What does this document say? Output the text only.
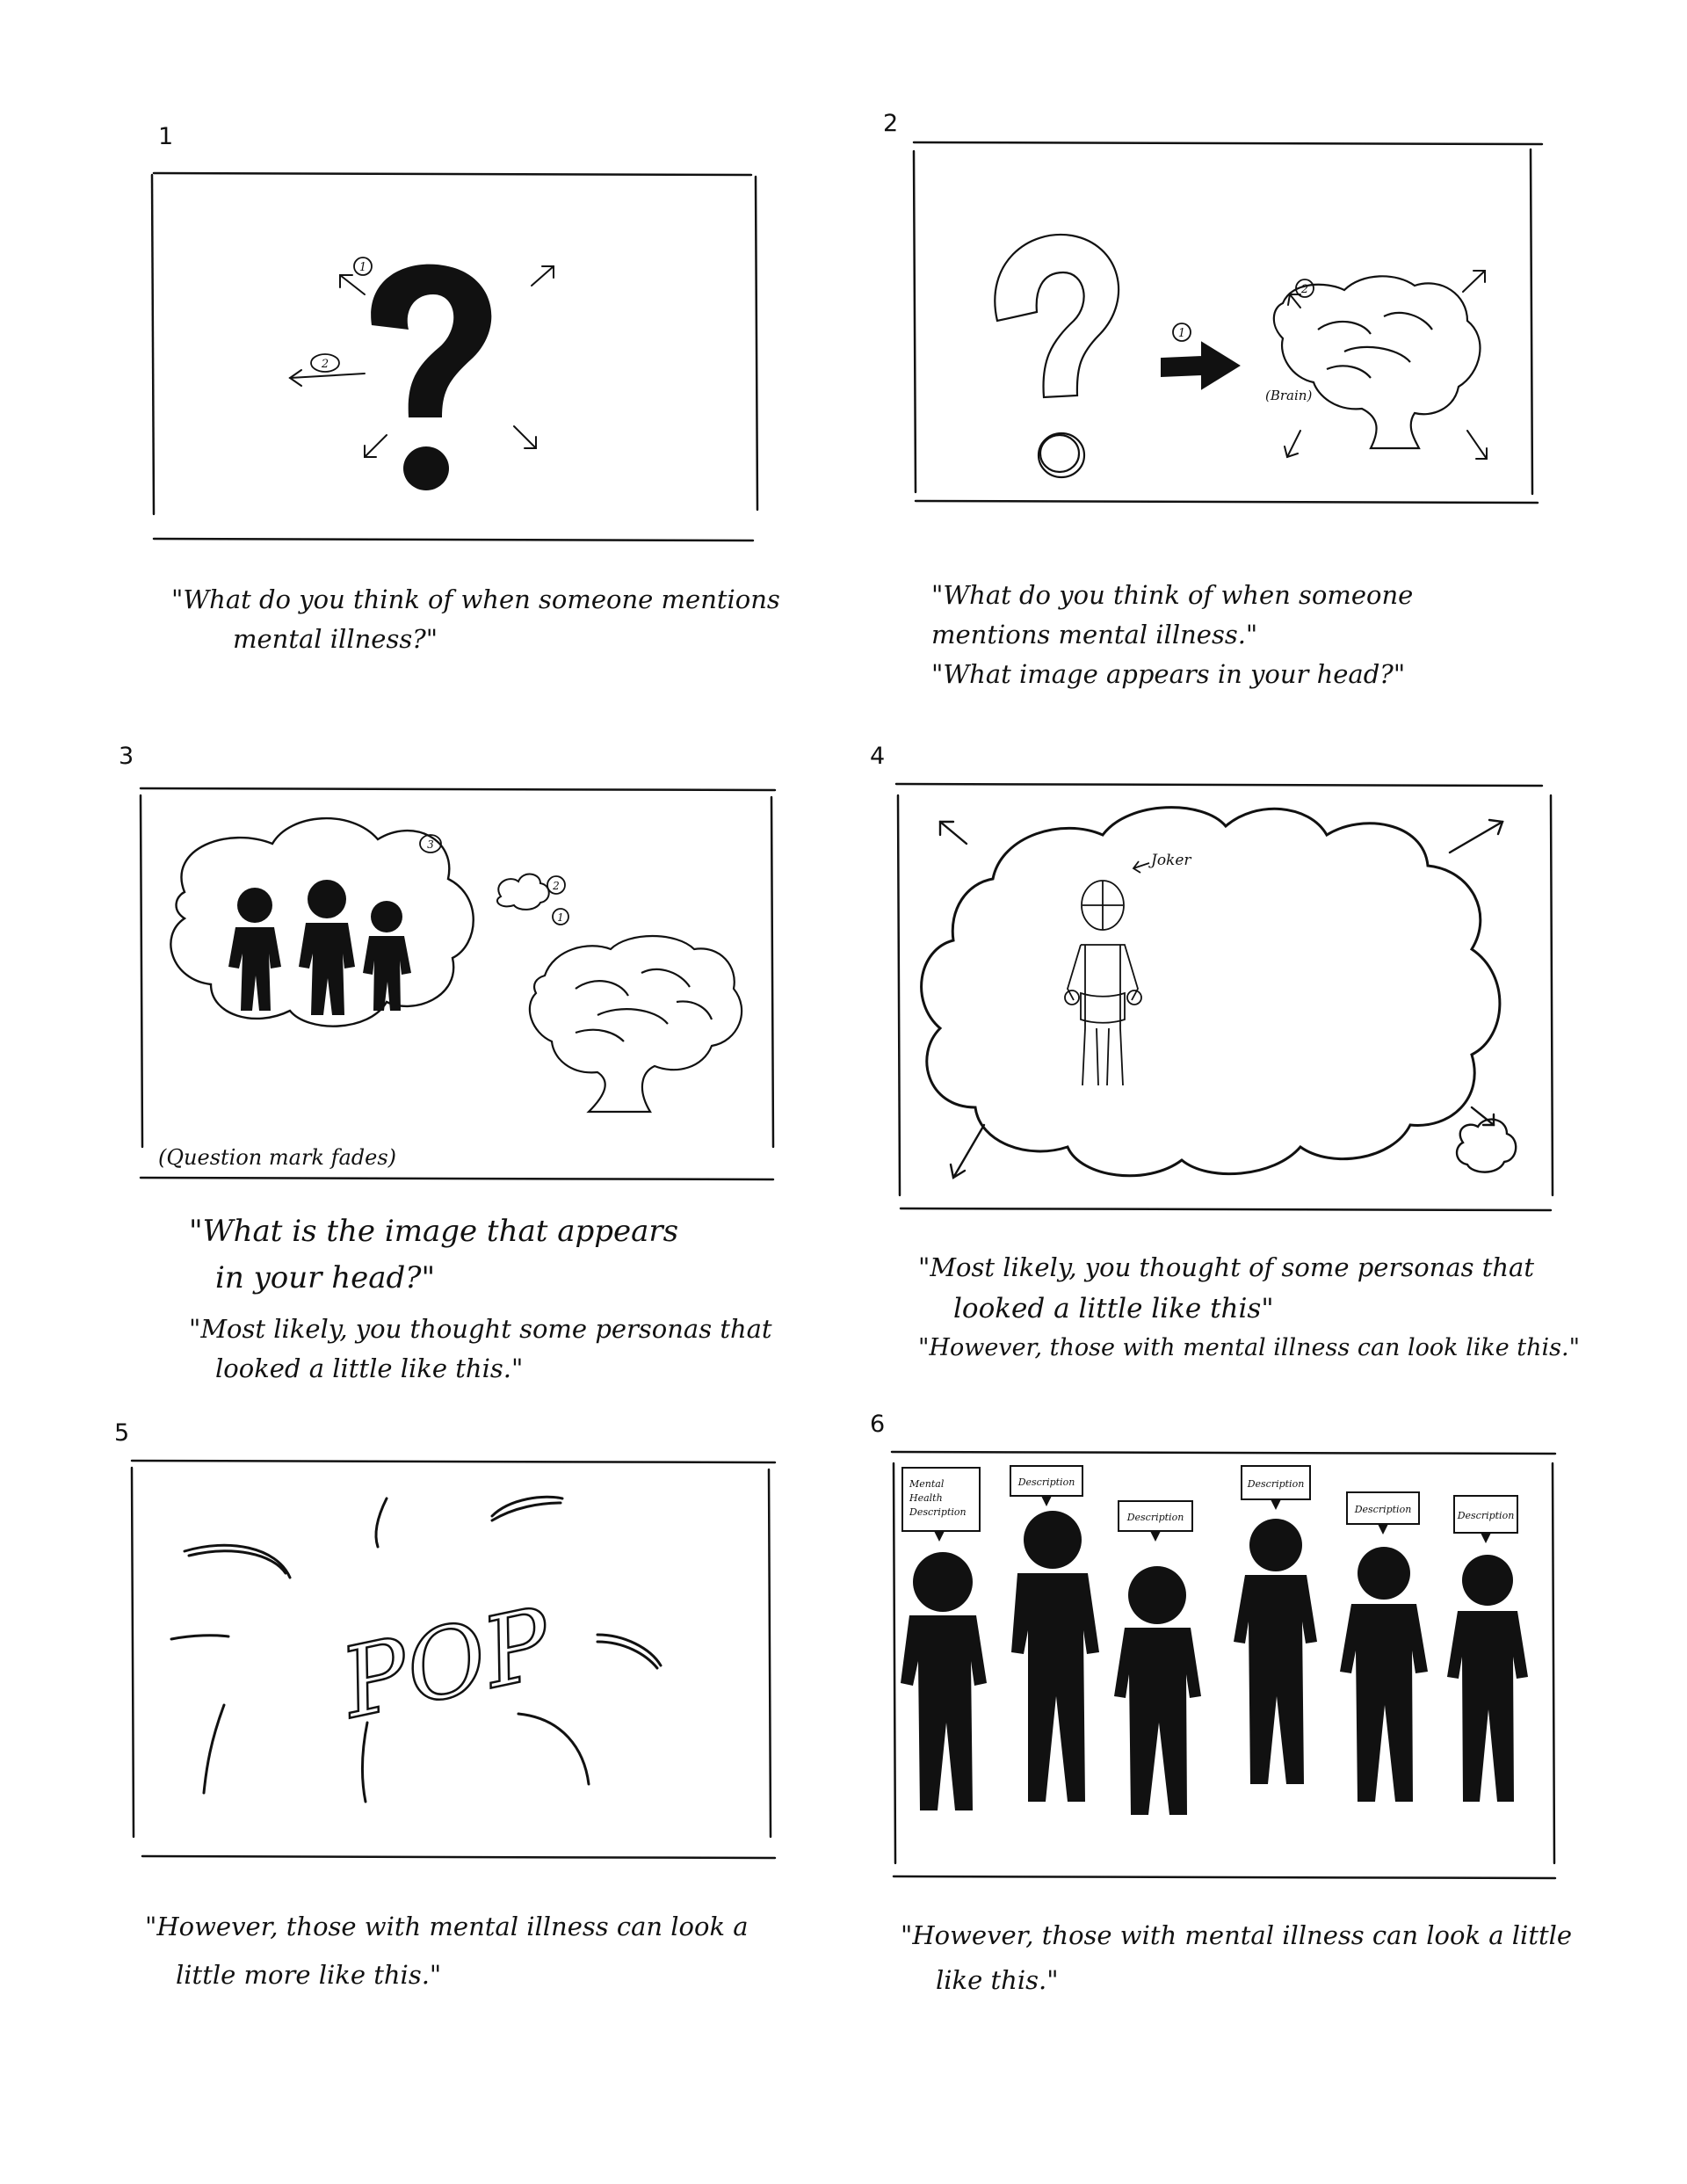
1
1
2
"What do you think of when someone mentions
mental illness?"
2
1
(Brain)
2
"What do you think of when someone
mentions mental illness."
"What image appears in your head?"
3
3
2
1
(Question mark fades)
"What is the image that appears
in your head?"
"Most likely, you thought some personas that
looked a little like this."
4
Joker
"Most likely, you thought of some personas that
looked a little like this"
"However, those with mental illness can look like this."
5
POP
"However, those with mental illness can look a
little more like this."
6
Mental
Health
Description
Description
Description
Description
Description
Description
"However, those with mental illness can look a little
like this."
